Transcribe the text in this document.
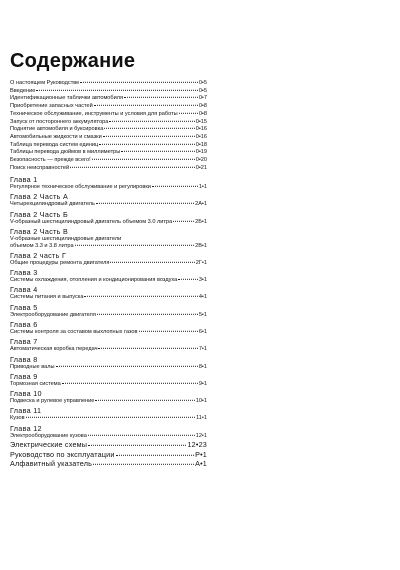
Содержание
О настоящем Руководстве	0•5
Введение	0•5
Идентификационные таблички автомобиля	0•7
Приобретение запасных частей	0•8
Техническое обслуживание, инструменты и условия для работы	0•8
Запуск от постороннего аккумулятора	0•15
Поднятие автомобиля и буксировка	0•16
Автомобильные жидкости и смазки	0•16
Таблица перевода систем единиц	0•18
Таблицы перевода дюймов в миллиметры	0•19
Безопасность — прежде всего!	0•20
Поиск неисправностей	0•21
Глава 1
Регулярное техническое обслуживание и регулировки	1•1
Глава 2 Часть А
Четырехцилиндровый двигатель	2А•1
Глава 2 Часть Б
V-образный шестицилиндровый двигатель объемом 3.0 литра	2Б•1
Глава 2 Часть В
V-образные шестицилиндровые двигатели
объемом 3.3 и 3.8 литра	2В•1
Глава 2 часть Г
Общие процедуры ремонта двигателя	2Г•1
Глава 3
Системы охлаждения, отопления и кондиционирования воздуха	3•1
Глава 4
Системы питания и выпуска	4•1
Глава 5
Электрооборудование двигателя	5•1
Глава 6
Системы контроля за составом выхлопных газов	6•1
Глава 7
Автоматическая коробка передач	7•1
Глава 8
Приводные валы	8•1
Глава 9
Тормозная система	9•1
Глава 10
Подвеска и рулевое управление	10•1
Глава 11
Кузов	11•1
Глава 12
Электрооборудование кузова	12•1
Электрические схемы	12•23
Руководство по эксплуатации	Р•1
Алфавитный указатель	А•1
